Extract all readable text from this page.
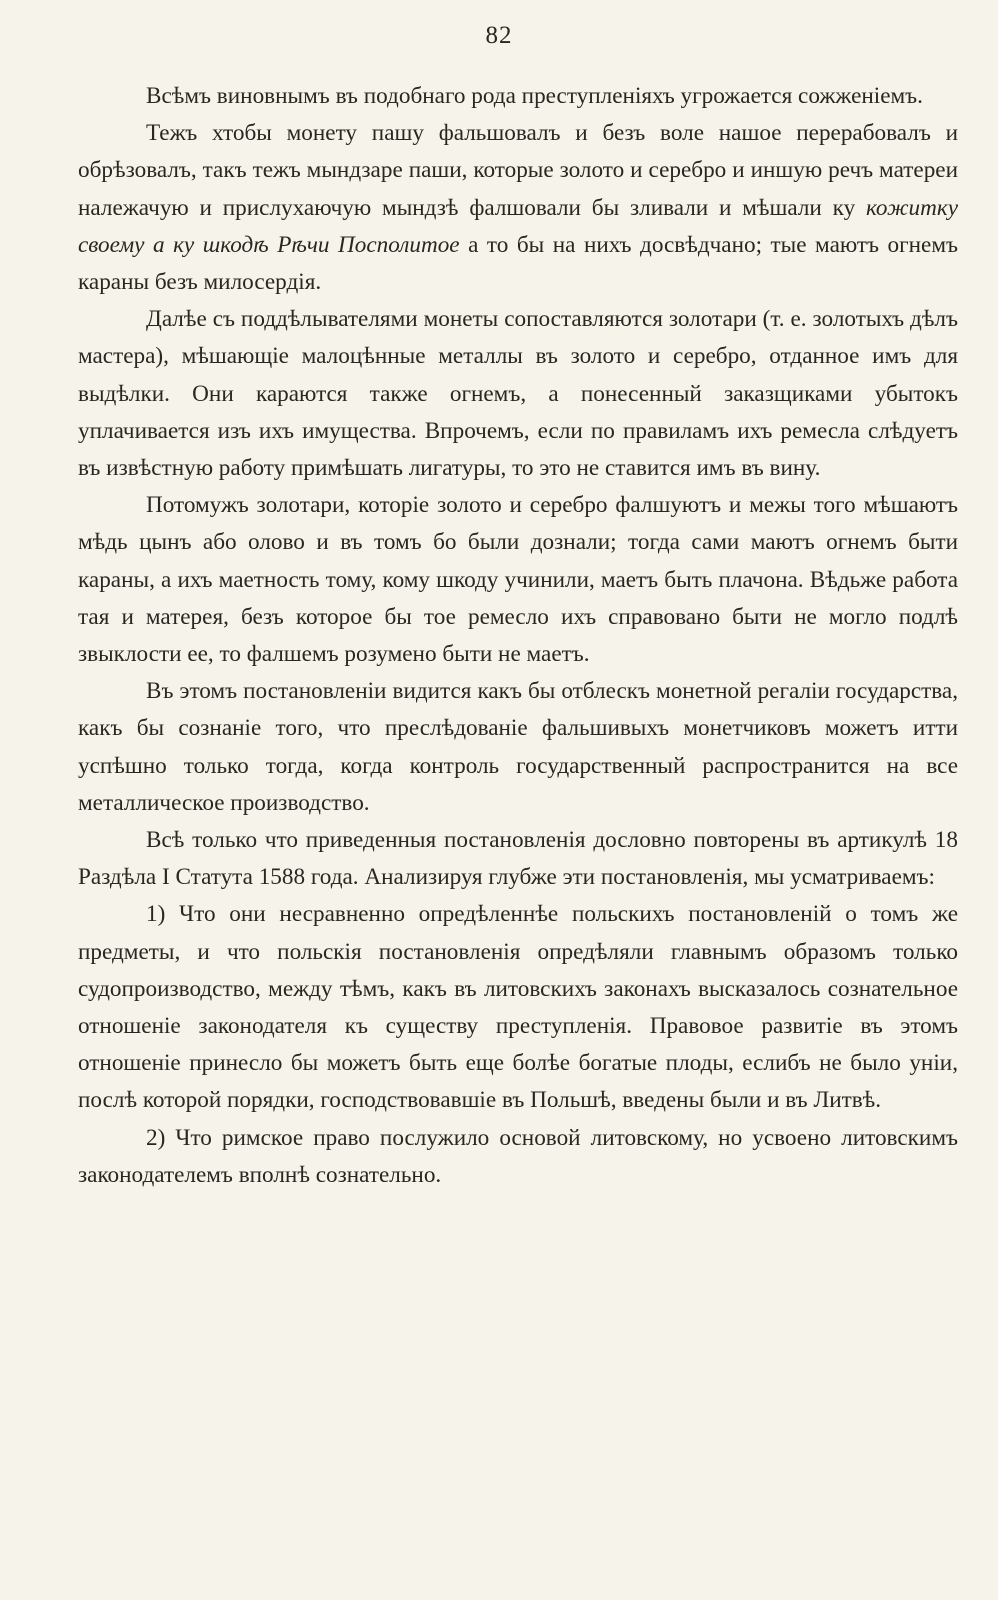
82

Всѣмъ виновнымъ въ подобнаго рода преступленіяхъ угрожается сожженіемъ.

Тежъ хтобы монету пашу фальшовалъ и безъ воле нашое перерабовалъ и обрѣзовалъ, такъ тежъ мындзаре паши, которые золото и серебро и иншую речъ матереи належачую и прислухаючую мындзѣ фалшовали бы зливали и мѣшали ку кожитку своему а ку шкодѣ Рѣчи Посполитое а то бы на нихъ досвѣдчано; тые маютъ огнемъ караны безъ милосердія.

Далѣе съ поддѣлывателями монеты сопоставляются золотари (т. е. золотыхъ дѣлъ мастера), мѣшающіе малоцѣнные металлы въ золото и серебро, отданное имъ для выдѣлки. Они караются также огнемъ, а понесенный заказщиками убытокъ уплачивается изъ ихъ имущества. Впрочемъ, если по правиламъ ихъ ремесла слѣдуетъ въ извѣстную работу примѣшать лигатуры, то это не ставится имъ въ вину.

Потомужъ золотари, которіе золото и серебро фалшуютъ и межы того мѣшаютъ мѣдь цынъ або олово и въ томъ бо были дознали; тогда сами маютъ огнемъ быти караны, а ихъ маетность тому, кому шкоду учинили, маетъ быть плачона. Вѣдьже работа тая и матерея, безъ которое бы тое ремесло ихъ справовано быти не могло подлѣ звыклости ее, то фалшемъ розумено быти не маетъ.

Въ этомъ постановленіи видится какъ бы отблескъ монетной регаліи государства, какъ бы сознаніе того, что преслѣдованіе фальшивыхъ монетчиковъ можетъ итти успѣшно только тогда, когда контроль государственный распространится на все металлическое производство.

Всѣ только что приведенныя постановленія дословно повторены въ артикулѣ 18 Раздѣла I Статута 1588 года. Анализируя глубже эти постановленія, мы усматриваемъ:

1) Что они несравненно опредѣленнѣе польскихъ постановленій о томъ же предметы, и что польскія постановленія опредѣляли главнымъ образомъ только судопроизводство, между тѣмъ, какъ въ литовскихъ законахъ высказалось сознательное отношеніе законодателя къ существу преступленія. Правовое развитіе въ этомъ отношеніе принесло бы можетъ быть еще болѣе богатые плоды, еслибъ не было уніи, послѣ которой порядки, господствовавшіе въ Польшѣ, введены были и въ Литвѣ.

2) Что римское право послужило основой литовскому, но усвоено литовскимъ законодателемъ вполнѣ сознательно.
